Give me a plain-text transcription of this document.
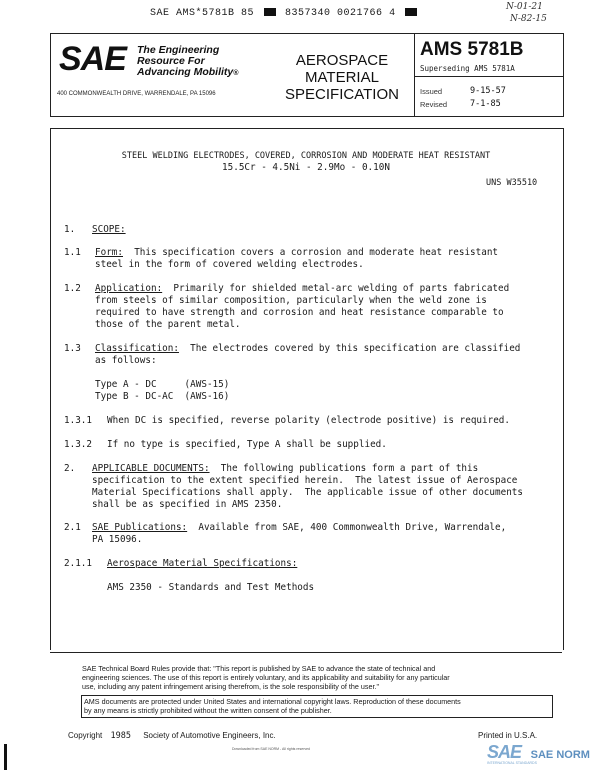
SAE AMS*5781B 85	8357340 0021766 4
N-01-21
N-82-15
SAE The Engineering
Resource For
Advancing Mobility®
400 COMMONWEALTH DRIVE, WARRENDALE, PA 15096
AEROSPACE
MATERIAL
SPECIFICATION
AMS 5781B
Superseding AMS 5781A
Issued	9-15-57
Revised	7-1-85
STEEL WELDING ELECTRODES, COVERED, CORROSION AND MODERATE HEAT RESISTANT
15.5Cr - 4.5Ni - 2.9Mo - 0.10N
UNS W35510
1. SCOPE:
1.1 Form: This specification covers a corrosion and moderate heat resistant
steel in the form of covered welding electrodes.
1.2 Application: Primarily for shielded metal-arc welding of parts fabricated
from steels of similar composition, particularly when the weld zone is
required to have strength and corrosion and heat resistance comparable to
those of the parent metal.
1.3 Classification: The electrodes covered by this specification are classified
as follows:
Type A - DC     (AWS-15)
Type B - DC-AC  (AWS-16)
1.3.1 When DC is specified, reverse polarity (electrode positive) is required.
1.3.2 If no type is specified, Type A shall be supplied.
2. APPLICABLE DOCUMENTS: The following publications form a part of this
specification to the extent specified herein.  The latest issue of Aerospace
Material Specifications shall apply.  The applicable issue of other documents
shall be as specified in AMS 2350.
2.1 SAE Publications: Available from SAE, 400 Commonwealth Drive, Warrendale,
PA 15096.
2.1.1 Aerospace Material Specifications:
AMS 2350 - Standards and Test Methods
SAE Technical Board Rules provide that: "This report is published by SAE to advance the state of technical and
engineering sciences. The use of this report is entirely voluntary, and its applicability and suitability for any particular
use, including any patent infringement arising therefrom, is the sole responsibility of the user."
AMS documents are protected under United States and international copyright laws. Reproduction of these documents
by any means is strictly prohibited without the written consent of the publisher.
Copyright 1985 Society of Automotive Engineers, Inc.	Printed in U.S.A.
Downloaded from SAE NORM - All rights reserved	SAE SAE NORM
INTERNATIONAL STANDARDS
